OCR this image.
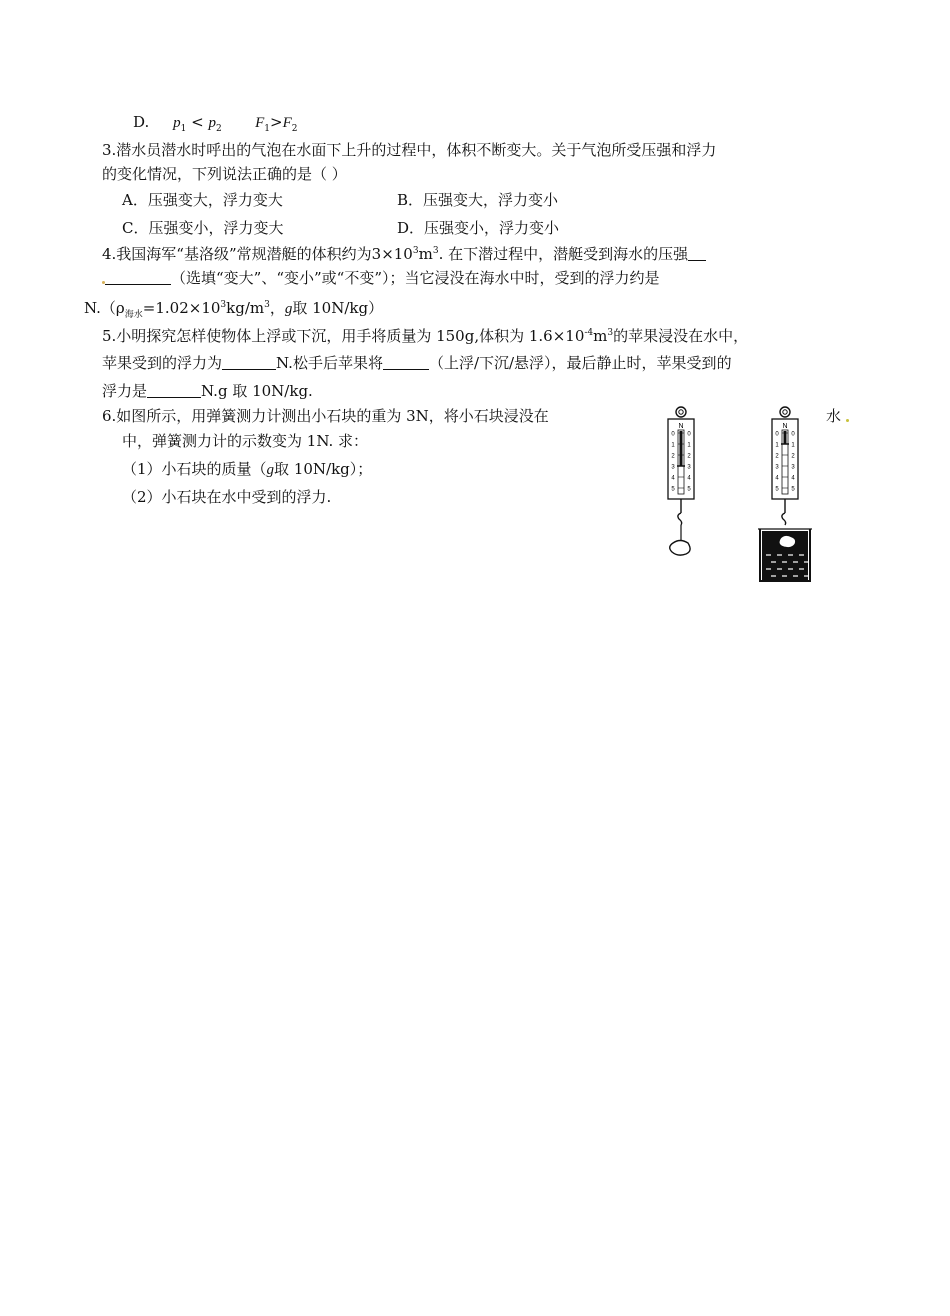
D. $p_1 < p_2$ $F_1>F_2$
3.潜水员潜水时呼出的气泡在水面下上升的过程中，体积不断变大。关于气泡所受压强和浮力
的变化情况，下列说法正确的是（ ）
A．压强变大，浮力变大	B．压强变大，浮力变小
C．压强变小，浮力变大	D．压强变小，浮力变小
4.我国海军“基洛级”常规潜艇的体积约为$3\times 10^3m^3$. 在下潜过程中，潜艇受到海水的压强
（选填“变大”、“变小”或“不变”）；当它浸没在海水中时，受到的浮力约是
$N.(\rho_{海水}=1.02\times 10^3kg/m^3$，g取 10N/kg）
5.小明探究怎样使物体上浮或下沉，用手将质量为 150g,体积为 $1.6\times 10^{-4}m^3$的苹果浸没在水中，
苹果受到的浮力为	N.松手后苹果将	（上浮/下沉/悬浮），最后静止时，苹果受到的
浮力是	N.g 取 10N/kg.
6.如图所示，用弹簧测力计测出小石块的重为 3N，将小石块浸没在	水
中，弹簧测力计的示数变为 1N. 求：
（1）小石块的质量（g取 10N/kg）；
（2）小石块在水中受到的浮力.
N
0 0
1 1
2 2
3 3
4 4
5 5
N
0 0
1 1
2 2
3 3
4 4
5 5
